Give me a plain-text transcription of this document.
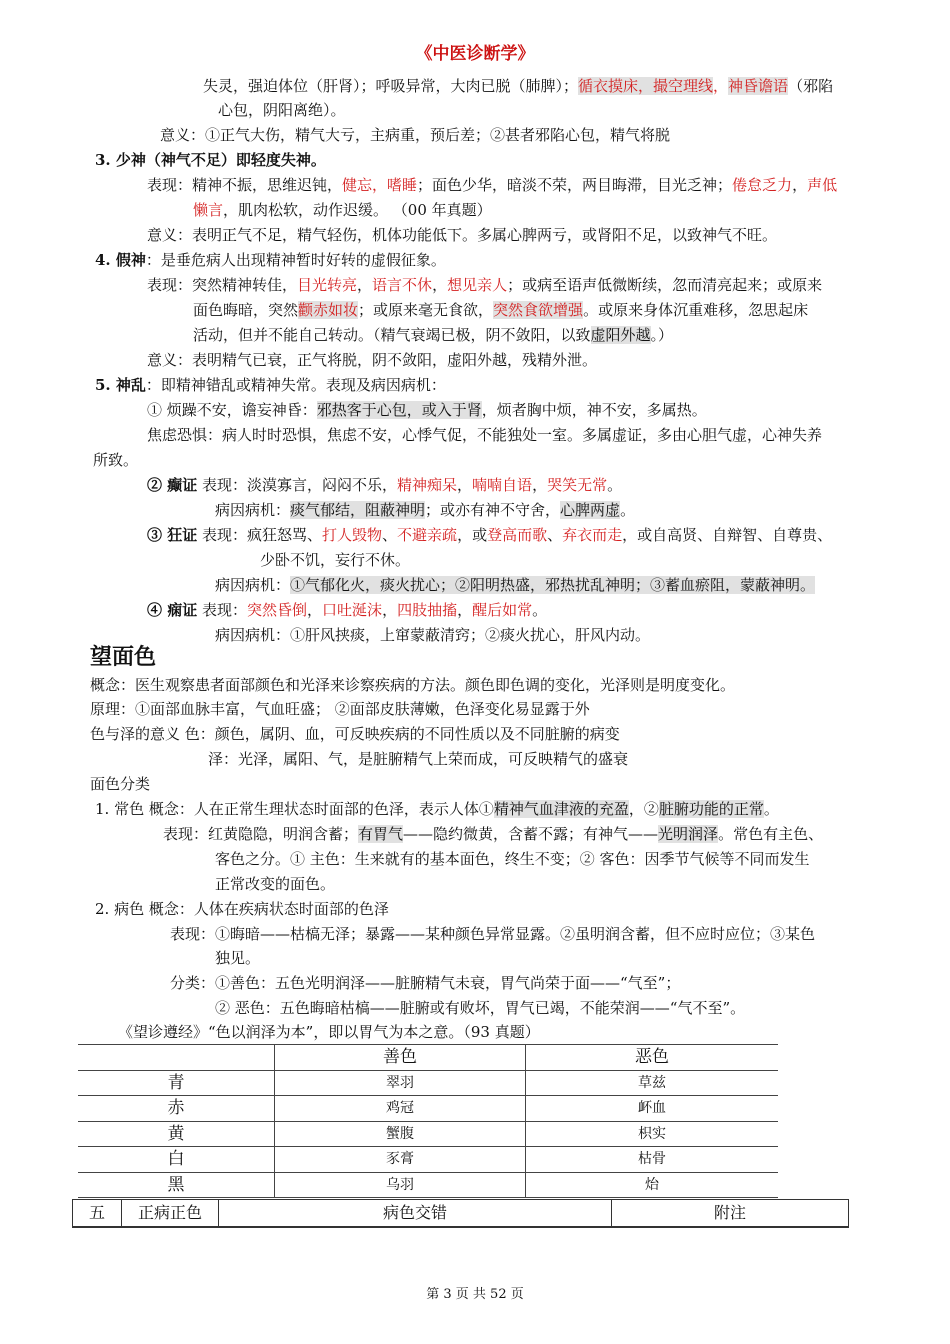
《中医诊断学》
失灵，强迫体位（肝肾）；呼吸异常，大肉已脱（肺脾）；循衣摸床，撮空理线，神昏谵语（邪陷
心包，阴阳离绝）。
意义：①正气大伤，精气大亏，主病重，预后差；②甚者邪陷心包，精气将脱
3. 少神（神气不足）即轻度失神。
表现：精神不振，思维迟钝，健忘，嗜睡；面色少华，暗淡不荣，两目晦滞，目光乏神；倦怠乏力，声低
懒言，肌肉松软，动作迟缓。 （00 年真题）
意义：表明正气不足，精气轻伤，机体功能低下。多属心脾两亏，或肾阳不足，以致神气不旺。
4. 假神：是垂危病人出现精神暂时好转的虚假征象。
表现：突然精神转佳，目光转亮，语言不休，想见亲人；或病至语声低微断续，忽而清亮起来；或原来
面色晦暗，突然颧赤如妆；或原来毫无食欲，突然食欲增强。或原来身体沉重难移，忽思起床
活动，但并不能自己转动。（精气衰竭已极，阴不敛阳，以致虚阳外越。）
意义：表明精气已衰，正气将脱，阴不敛阳，虚阳外越，残精外泄。
5. 神乱：即精神错乱或精神失常。表现及病因病机：
① 烦躁不安，谵妄神昏：邪热客于心包，或入于肾，烦者胸中烦，神不安，多属热。
焦虑恐惧：病人时时恐惧，焦虑不安，心悸气促，不能独处一室。多属虚证，多由心胆气虚，心神失养
所致。
② 癫证 表现：淡漠寡言，闷闷不乐，精神痴呆，喃喃自语，哭笑无常。
病因病机：痰气郁结，阻蔽神明；或亦有神不守舍，心脾两虚。
③ 狂证 表现：疯狂怒骂、打人毁物、不避亲疏，或登高而歌、弃衣而走，或自高贤、自辩智、自尊贵、
少卧不饥，妄行不休。
病因病机：①气郁化火，痰火扰心；②阳明热盛，邪热扰乱神明；③蓄血瘀阻，蒙蔽神明。
④ 痫证 表现：突然昏倒，口吐涎沫，四肢抽搐，醒后如常。
病因病机：①肝风挟痰，上窜蒙蔽清窍；②痰火扰心，肝风内动。
望面色
概念：医生观察患者面部颜色和光泽来诊察疾病的方法。颜色即色调的变化，光泽则是明度变化。
原理：①面部血脉丰富，气血旺盛； ②面部皮肤薄嫩，色泽变化易显露于外
色与泽的意义 色：颜色，属阴、血，可反映疾病的不同性质以及不同脏腑的病变
泽：光泽，属阳、气，是脏腑精气上荣而成，可反映精气的盛衰
面色分类
1. 常色 概念：人在正常生理状态时面部的色泽，表示人体①精神气血津液的充盈，②脏腑功能的正常。
表现：红黄隐隐，明润含蓄；有胃气——隐约微黄，含蓄不露；有神气——光明润泽。常色有主色、
客色之分。① 主色：生来就有的基本面色，终生不变；② 客色：因季节气候等不同而发生
正常改变的面色。
2. 病色 概念：人体在疾病状态时面部的色泽
表现：①晦暗——枯槁无泽；暴露——某种颜色异常显露。②虽明润含蓄，但不应时应位；③某色
独见。
分类：①善色：五色光明润泽——脏腑精气未衰，胃气尚荣于面——“气至”；
② 恶色：五色晦暗枯槁——脏腑或有败坏，胃气已竭，不能荣润——“气不至”。
《望诊遵经》“色以润泽为本”，即以胃气为本之意。（93 真题）
	善色	恶色
青	翠羽	草兹
赤	鸡冠	衃血
黄	蟹腹	枳实
白	豕膏	枯骨
黑	乌羽	炲
五	正病正色	病色交错	附注
第 3 页 共 52 页
